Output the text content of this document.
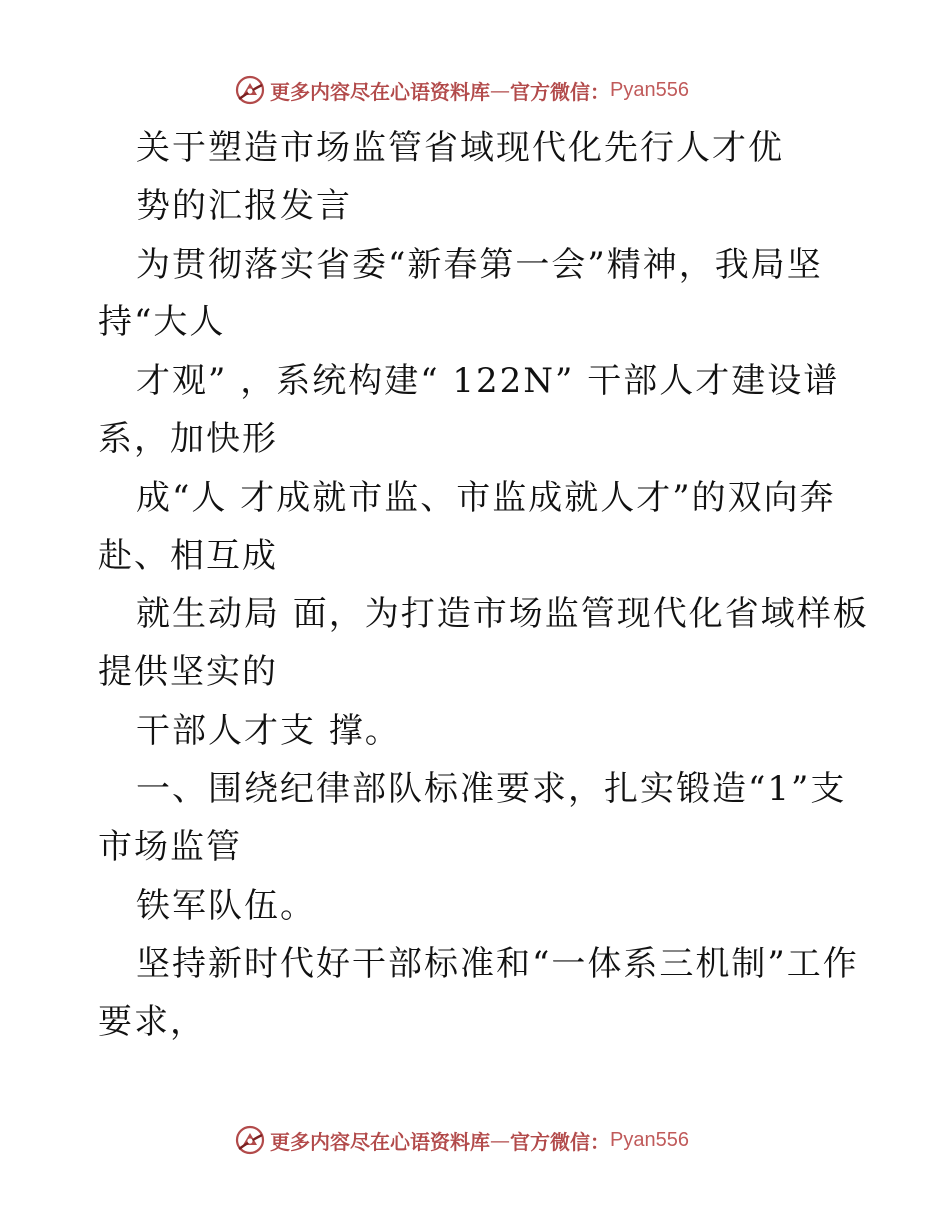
更多内容尽在心语资料库 — 官方微信： Pyan556
关于塑造市场监管省域现代化先行人才优
势的汇报发言
为贯彻落实省委“新春第一会”精神，我局坚
持“大人
才观” ，系统构建“ 122N” 干部人才建设谱
系，加快形
成“人 才成就市监、市监成就人才”的双向奔
赴、相互成
就生动局 面，为打造市场监管现代化省域样板
提供坚实的
干部人才支 撑。
一、围绕纪律部队标准要求，扎实锻造“1”支
市场监管
铁军队伍。
坚持新时代好干部标准和“一体系三机制”工作
要求，
更多内容尽在心语资料库 — 官方微信： Pyan556
